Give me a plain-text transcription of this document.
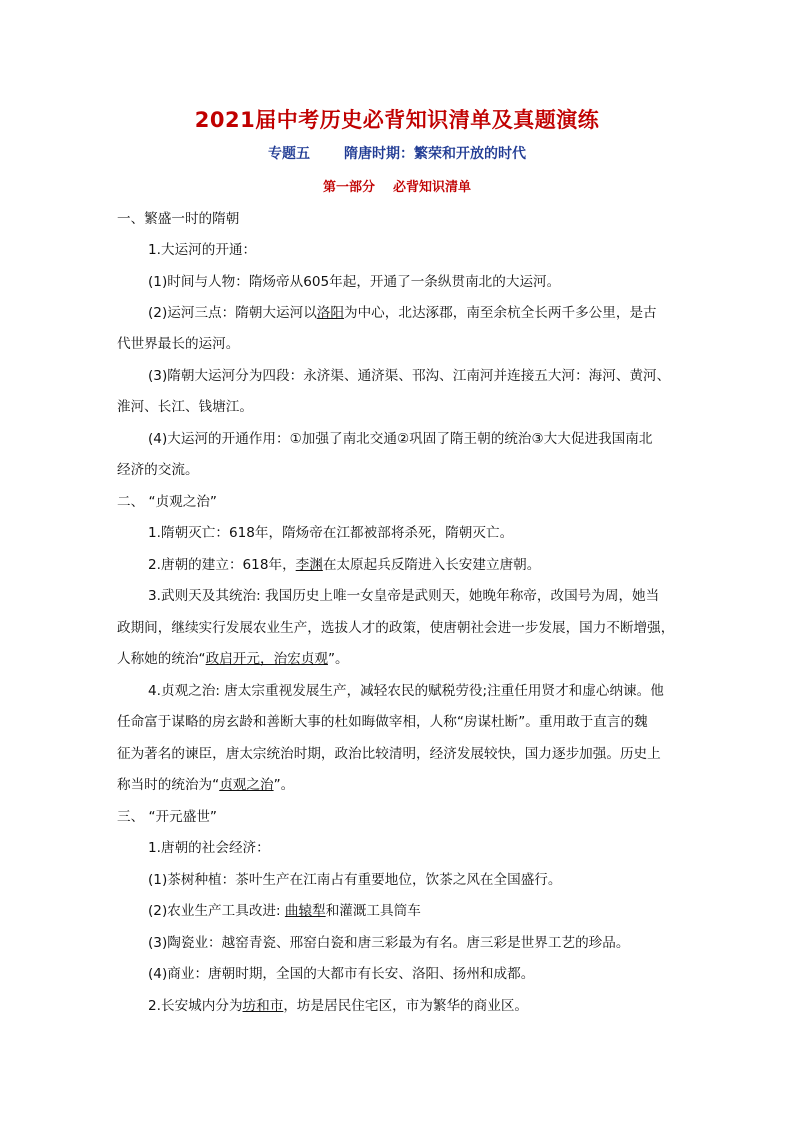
2021届中考历史必背知识清单及真题演练
专题五 隋唐时期：繁荣和开放的时代
第一部分 必背知识清单
一、繁盛一时的隋朝
1.大运河的开通：
(1)时间与人物：隋炀帝从605年起，开通了一条纵贯南北的大运河。
(2)运河三点：隋朝大运河以洛阳为中心，北达涿郡，南至余杭全长两千多公里，是古
代世界最长的运河。
(3)隋朝大运河分为四段：永济渠、通济渠、邗沟、江南河并连接五大河：海河、黄河、
淮河、长江、钱塘江。
(4)大运河的开通作用：①加强了南北交通②巩固了隋王朝的统治③大大促进我国南北
经济的交流。
二、 “贞观之治”
1.隋朝灭亡：618年，隋炀帝在江都被部将杀死，隋朝灭亡。
2.唐朝的建立：618年，李渊在太原起兵反隋进入长安建立唐朝。
3.武则天及其统治: 我国历史上唯一女皇帝是武则天，她晚年称帝，改国号为周，她当
政期间，继续实行发展农业生产，选拔人才的政策，使唐朝社会进一步发展，国力不断增强，
人称她的统治“政启开元，治宏贞观”。
4.贞观之治: 唐太宗重视发展生产，减轻农民的赋税劳役;注重任用贤才和虚心纳谏。他
任命富于谋略的房玄龄和善断大事的杜如晦做宰相，人称“房谋杜断”。重用敢于直言的魏
征为著名的谏臣，唐太宗统治时期，政治比较清明，经济发展较快，国力逐步加强。历史上
称当时的统治为“贞观之治”。
三、 “开元盛世”
1.唐朝的社会经济：
(1)茶树种植：茶叶生产在江南占有重要地位，饮茶之风在全国盛行。
(2)农业生产工具改进: 曲辕犁和灌溉工具筒车
(3)陶瓷业：越窑青瓷、邢窑白瓷和唐三彩最为有名。唐三彩是世界工艺的珍品。
(4)商业：唐朝时期，全国的大都市有长安、洛阳、扬州和成都。
2.长安城内分为坊和市，坊是居民住宅区，市为繁华的商业区。
